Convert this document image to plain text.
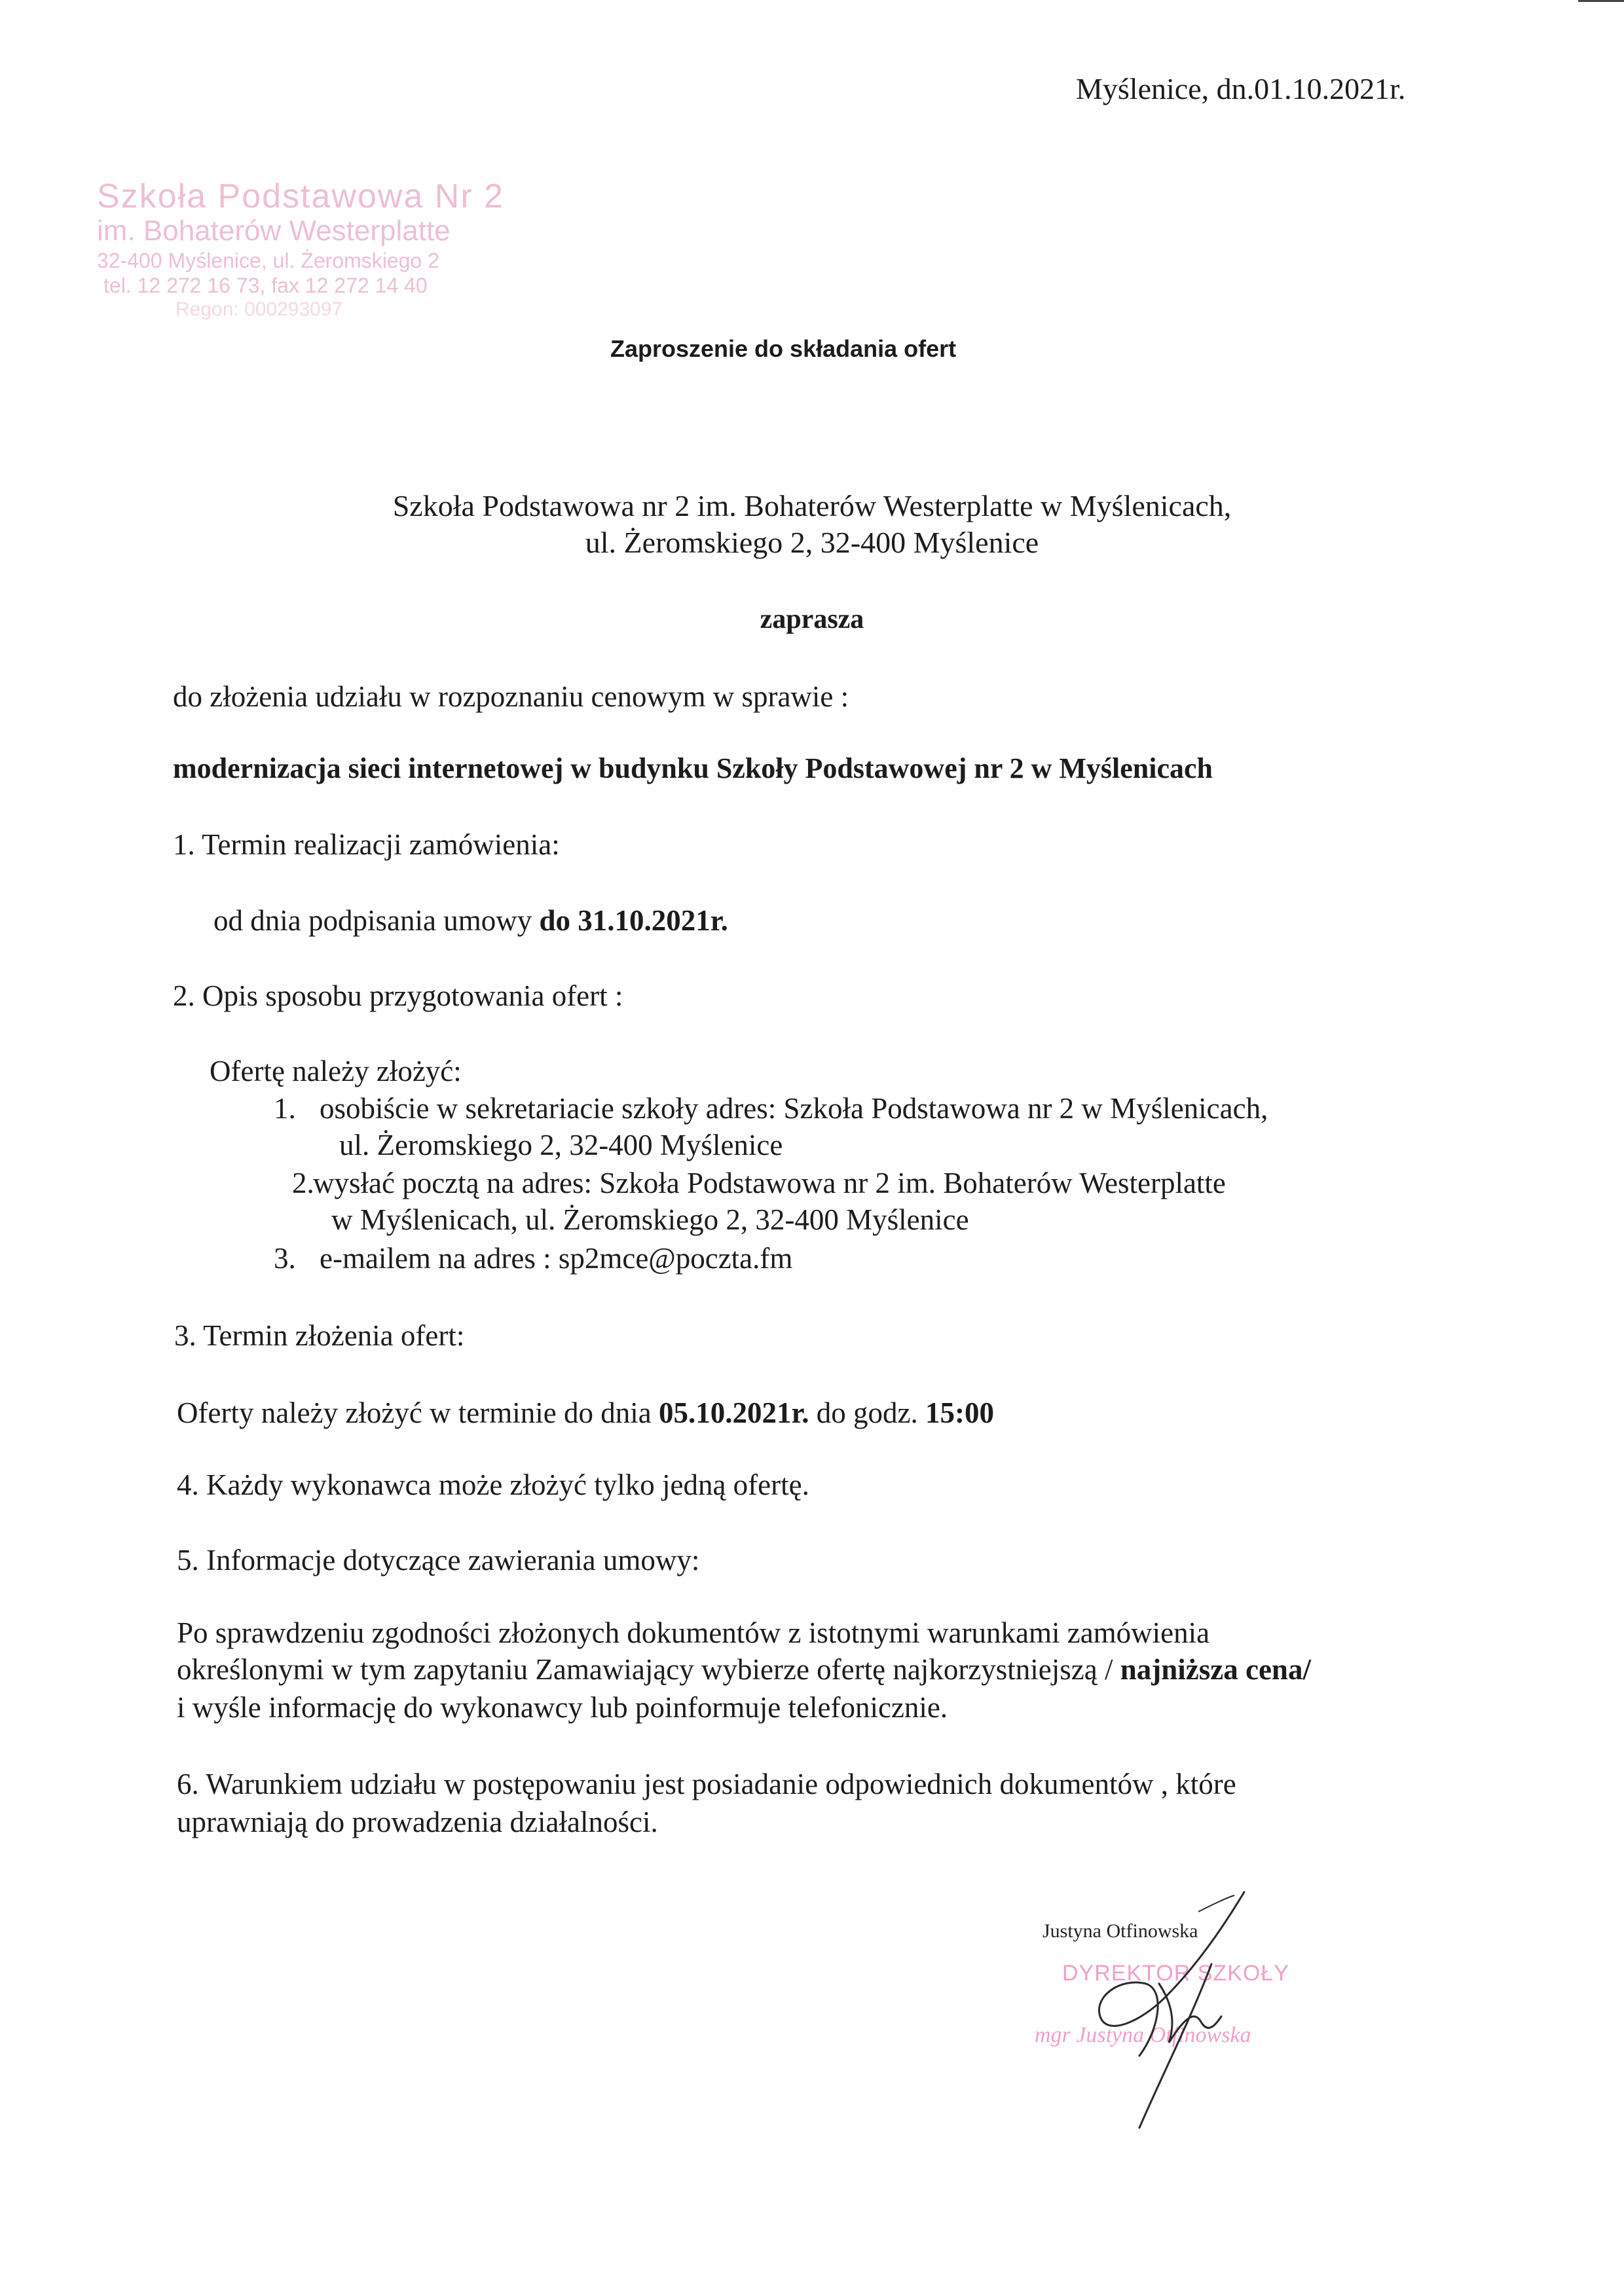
Myślenice, dn.01.10.2021r.
Szkoła Podstawowa Nr 2
im. Bohaterów Westerplatte
32-400 Myślenice, ul. Żeromskiego 2
tel. 12 272 16 73, fax 12 272 14 40
Regon: 000293097
Zaproszenie do składania ofert
Szkoła Podstawowa nr 2 im. Bohaterów Westerplatte w Myślenicach,
ul. Żeromskiego 2, 32-400 Myślenice
zaprasza
do złożenia udziału w rozpoznaniu cenowym w sprawie :
modernizacja sieci internetowej w budynku Szkoły Podstawowej nr 2 w Myślenicach
1. Termin realizacji zamówienia:
od dnia podpisania umowy do 31.10.2021r.
2. Opis sposobu przygotowania ofert :
Ofertę należy złożyć:
1. osobiście w sekretariacie szkoły adres: Szkoła Podstawowa nr 2 w Myślenicach,
ul. Żeromskiego 2, 32-400 Myślenice
2.
wysłać pocztą na adres: Szkoła Podstawowa nr 2 im. Bohaterów Westerplatte
w Myślenicach, ul. Żeromskiego 2, 32-400 Myślenice
3. e-mailem na adres : sp2mce@poczta.fm
3. Termin złożenia ofert:
Oferty należy złożyć w terminie do dnia 05.10.2021r. do godz. 15:00
4. Każdy wykonawca może złożyć tylko jedną ofertę.
5. Informacje dotyczące zawierania umowy:
Po sprawdzeniu zgodności złożonych dokumentów z istotnymi warunkami zamówienia
określonymi w tym zapytaniu Zamawiający wybierze ofertę najkorzystniejszą / najniższa cena/
i wyśle informację do wykonawcy lub poinformuje telefonicznie.
6. Warunkiem udziału w postępowaniu jest posiadanie odpowiednich dokumentów , które
uprawniają do prowadzenia działalności.
Justyna Otfinowska
DYREKTOR SZKOŁY
mgr Justyna Otfinowska
